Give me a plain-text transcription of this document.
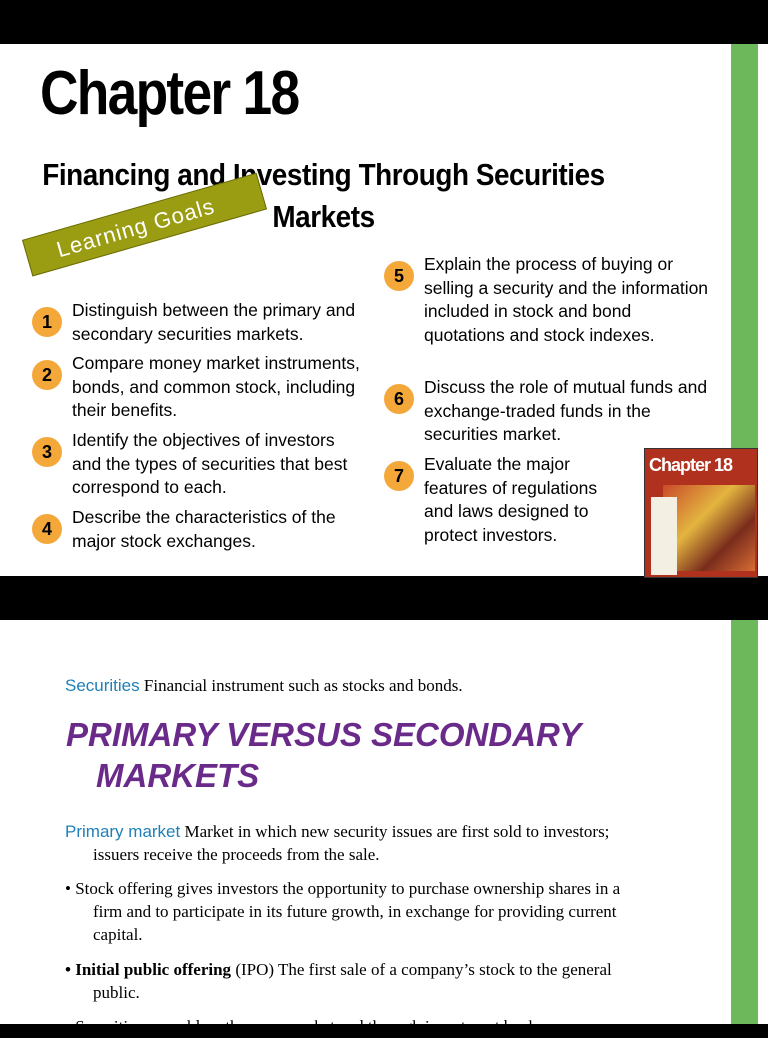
Chapter 18
Financing and Investing Through Securities
Markets
Learning Goals
1
Distinguish between the primary and secondary securities markets.
2
Compare money market instruments, bonds, and common stock, including their benefits.
3
Identify the objectives of investors and the types of securities that best correspond to each.
4
Describe the characteristics of the major stock exchanges.
5
Explain the process of buying or selling a security and the information included in stock and bond quotations and stock indexes.
6
Discuss the role of mutual funds and exchange-traded funds in the securities market.
7
Evaluate the major features of regulations and laws designed to protect investors.
Chapter 18
Securities Financial instrument such as stocks and bonds.
PRIMARY VERSUS SECONDARY
MARKETS
Primary market Market in which new security issues are first sold to investors;
issuers receive the proceeds from the sale.
• Stock offering gives investors the opportunity to purchase ownership shares in a
firm and to participate in its future growth, in exchange for providing current
capital.
• Initial public offering (IPO) The first sale of a company’s stock to the general
public.
• Securities are sold on the open market and through investment bankers
